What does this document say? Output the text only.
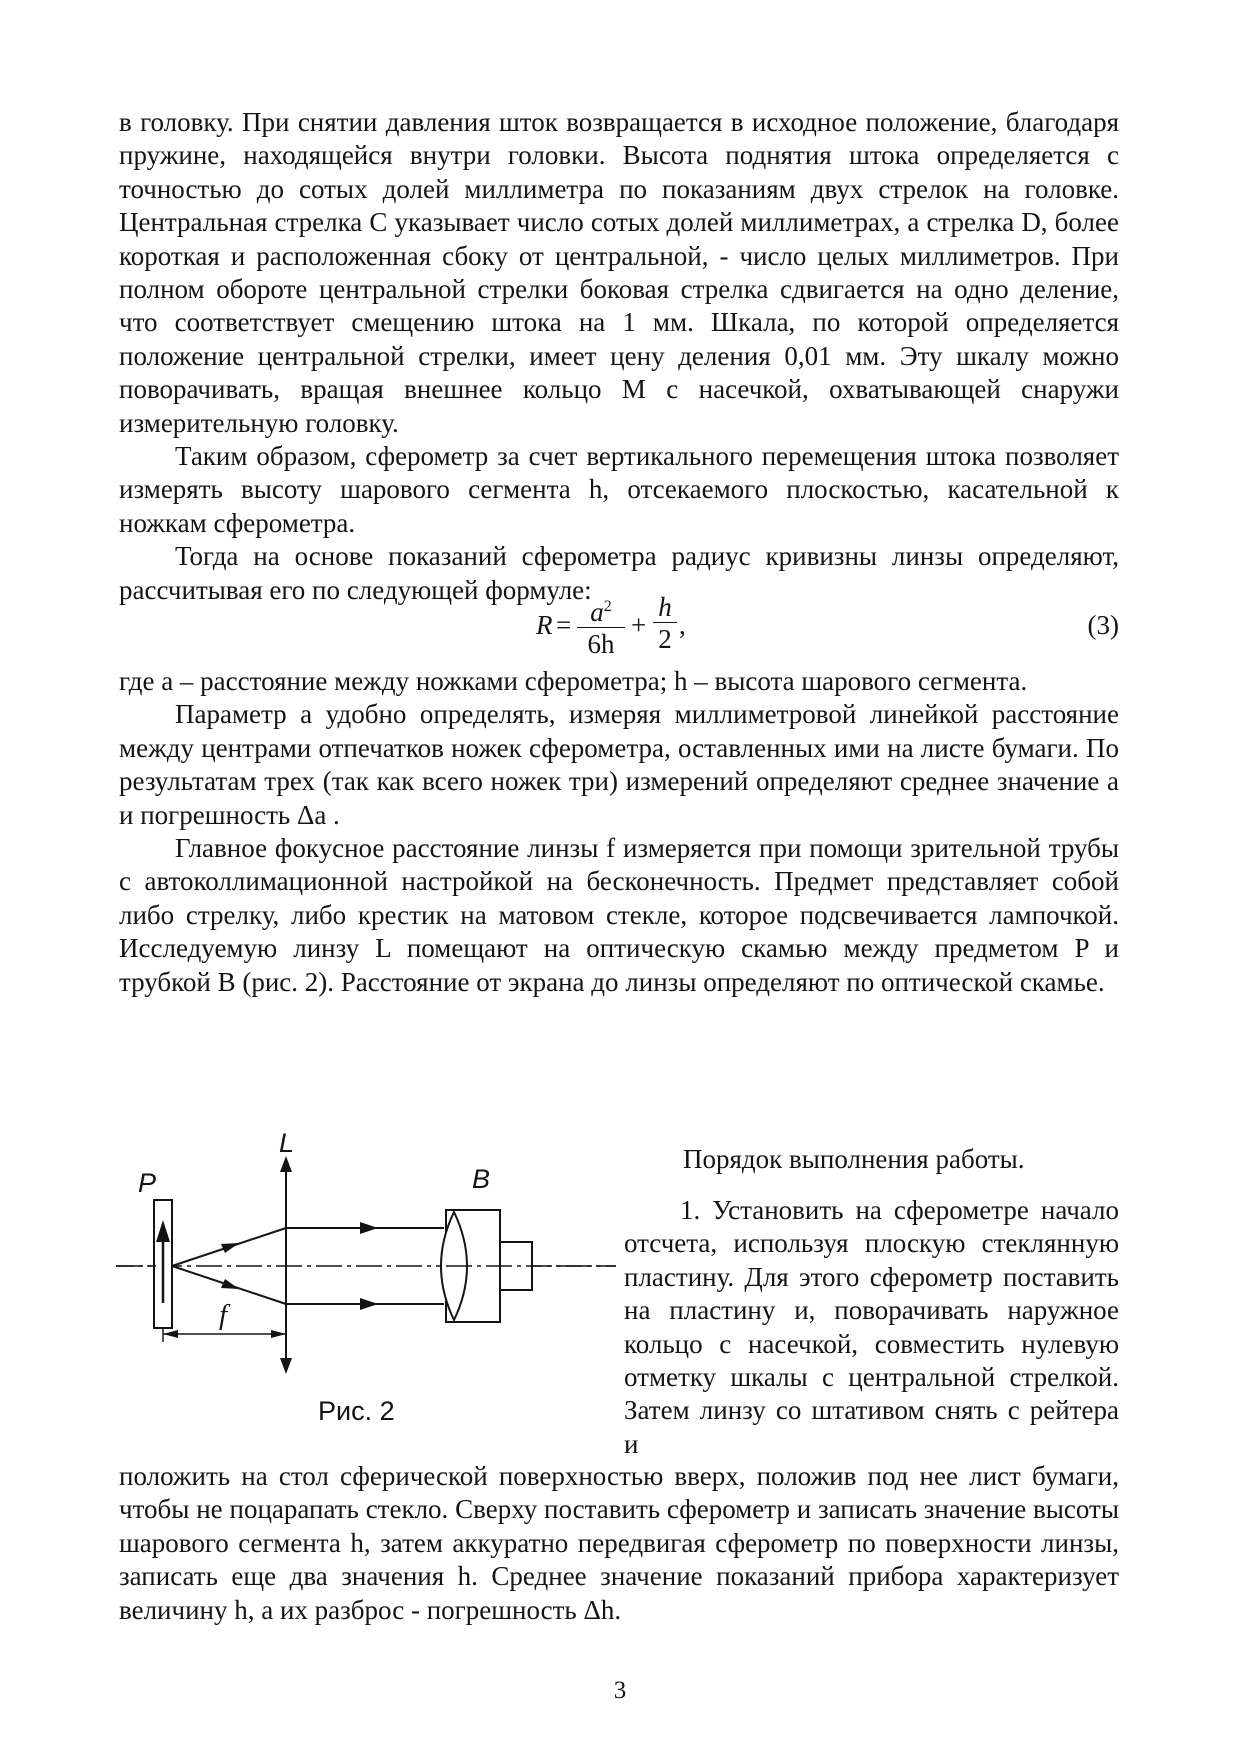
в головку. При снятии давления шток возвращается в исходное положение, благодаря пружине, находящейся внутри головки. Высота поднятия штока определяется с точностью до сотых долей миллиметра по показаниям двух стрелок на головке. Центральная стрелка C указывает число сотых долей миллиметрах, а стрелка D, более короткая и расположенная сбоку от центральной, - число целых миллиметров. При полном обороте центральной стрелки боковая стрелка сдвигается на одно деление, что соответствует смещению штока на 1 мм. Шкала, по которой определяется положение центральной стрелки, имеет цену деления 0,01 мм. Эту шкалу можно поворачивать, вращая внешнее кольцо M с насечкой, охватывающей снаружи измерительную головку.

Таким образом, сферометр за счет вертикального перемещения штока позволяет измерять высоту шарового сегмента h, отсекаемого плоскостью, касательной к ножкам сферометра.

Тогда на основе показаний сферометра радиус кривизны линзы определяют, рассчитывая его по следующей формуле:

$R = a^2$
6h
+
h
2 ,	(3)

где a – расстояние между ножками сферометра; h – высота шарового сегмента.

Параметр a удобно определять, измеряя миллиметровой линейкой расстояние между центрами отпечатков ножек сферометра, оставленных ими на листе бумаги. По результатам трех (так как всего ножек три) измерений определяют среднее значение a и погрешность Δa .

Главное фокусное расстояние линзы f измеряется при помощи зрительной трубы с автоколлимационной настройкой на бесконечность. Предмет представляет собой либо стрелку, либо крестик на матовом стекле, которое подсвечивается лампочкой. Исследуемую линзу L помещают на оптическую скамью между предметом P и трубкой B (рис. 2). Расстояние от экрана до линзы определяют по оптической скамье.

Порядок выполнения работы.
P
L
B
f
Рис. 2

1. Установить на сферометре начало отсчета, используя плоскую стеклянную пластину. Для этого сферометр поставить на пластину и, поворачивать наружное кольцо с насечкой, совместить нулевую отметку шкалы с центральной стрелкой. Затем линзу со штативом снять с рейтера и

положить на стол сферической поверхностью вверх, положив под нее лист бумаги, чтобы не поцарапать стекло. Сверху поставить сферометр и записать значение высоты шарового сегмента h, затем аккуратно передвигая сферометр по поверхности линзы, записать еще два значения h. Среднее значение показаний прибора характеризует величину h, а их разброс - погрешность Δh.

3
